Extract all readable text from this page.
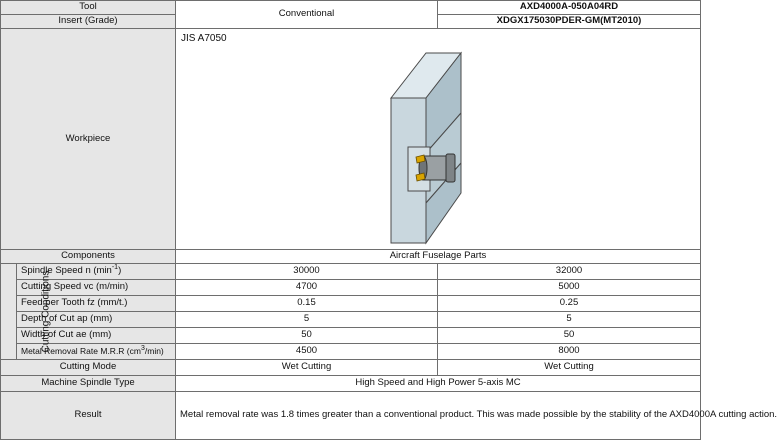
Tool		Conventional	AXD4000A-050A04RD
Insert (Grade)			XDGX175030PDER-GM(MT2010)
Workpiece		JIS A7050	

Components		Aircraft Fuselage Parts	
Cutting Conditions	Spindle Speed n $(\min^{-1})$	30000	32000
	Cutting Speed vc (m/min)	4700	5000
	Feed per Tooth fz (mm/t.)	0.15	0.25
	Depth of Cut ap (mm)	5	5
	Width of Cut ae (mm)	50	50
	Metal Removal Rate M.R.R $(cm^3/\min)$	4500	8000
Cutting Mode		Wet Cutting	Wet Cutting
Machine Spindle Type		High Speed and High Power 5-axis MC	
Result		Metal removal rate was 1.8 times greater than a conventional product. This was made possible by the stability of the AXD4000A cutting action.	
